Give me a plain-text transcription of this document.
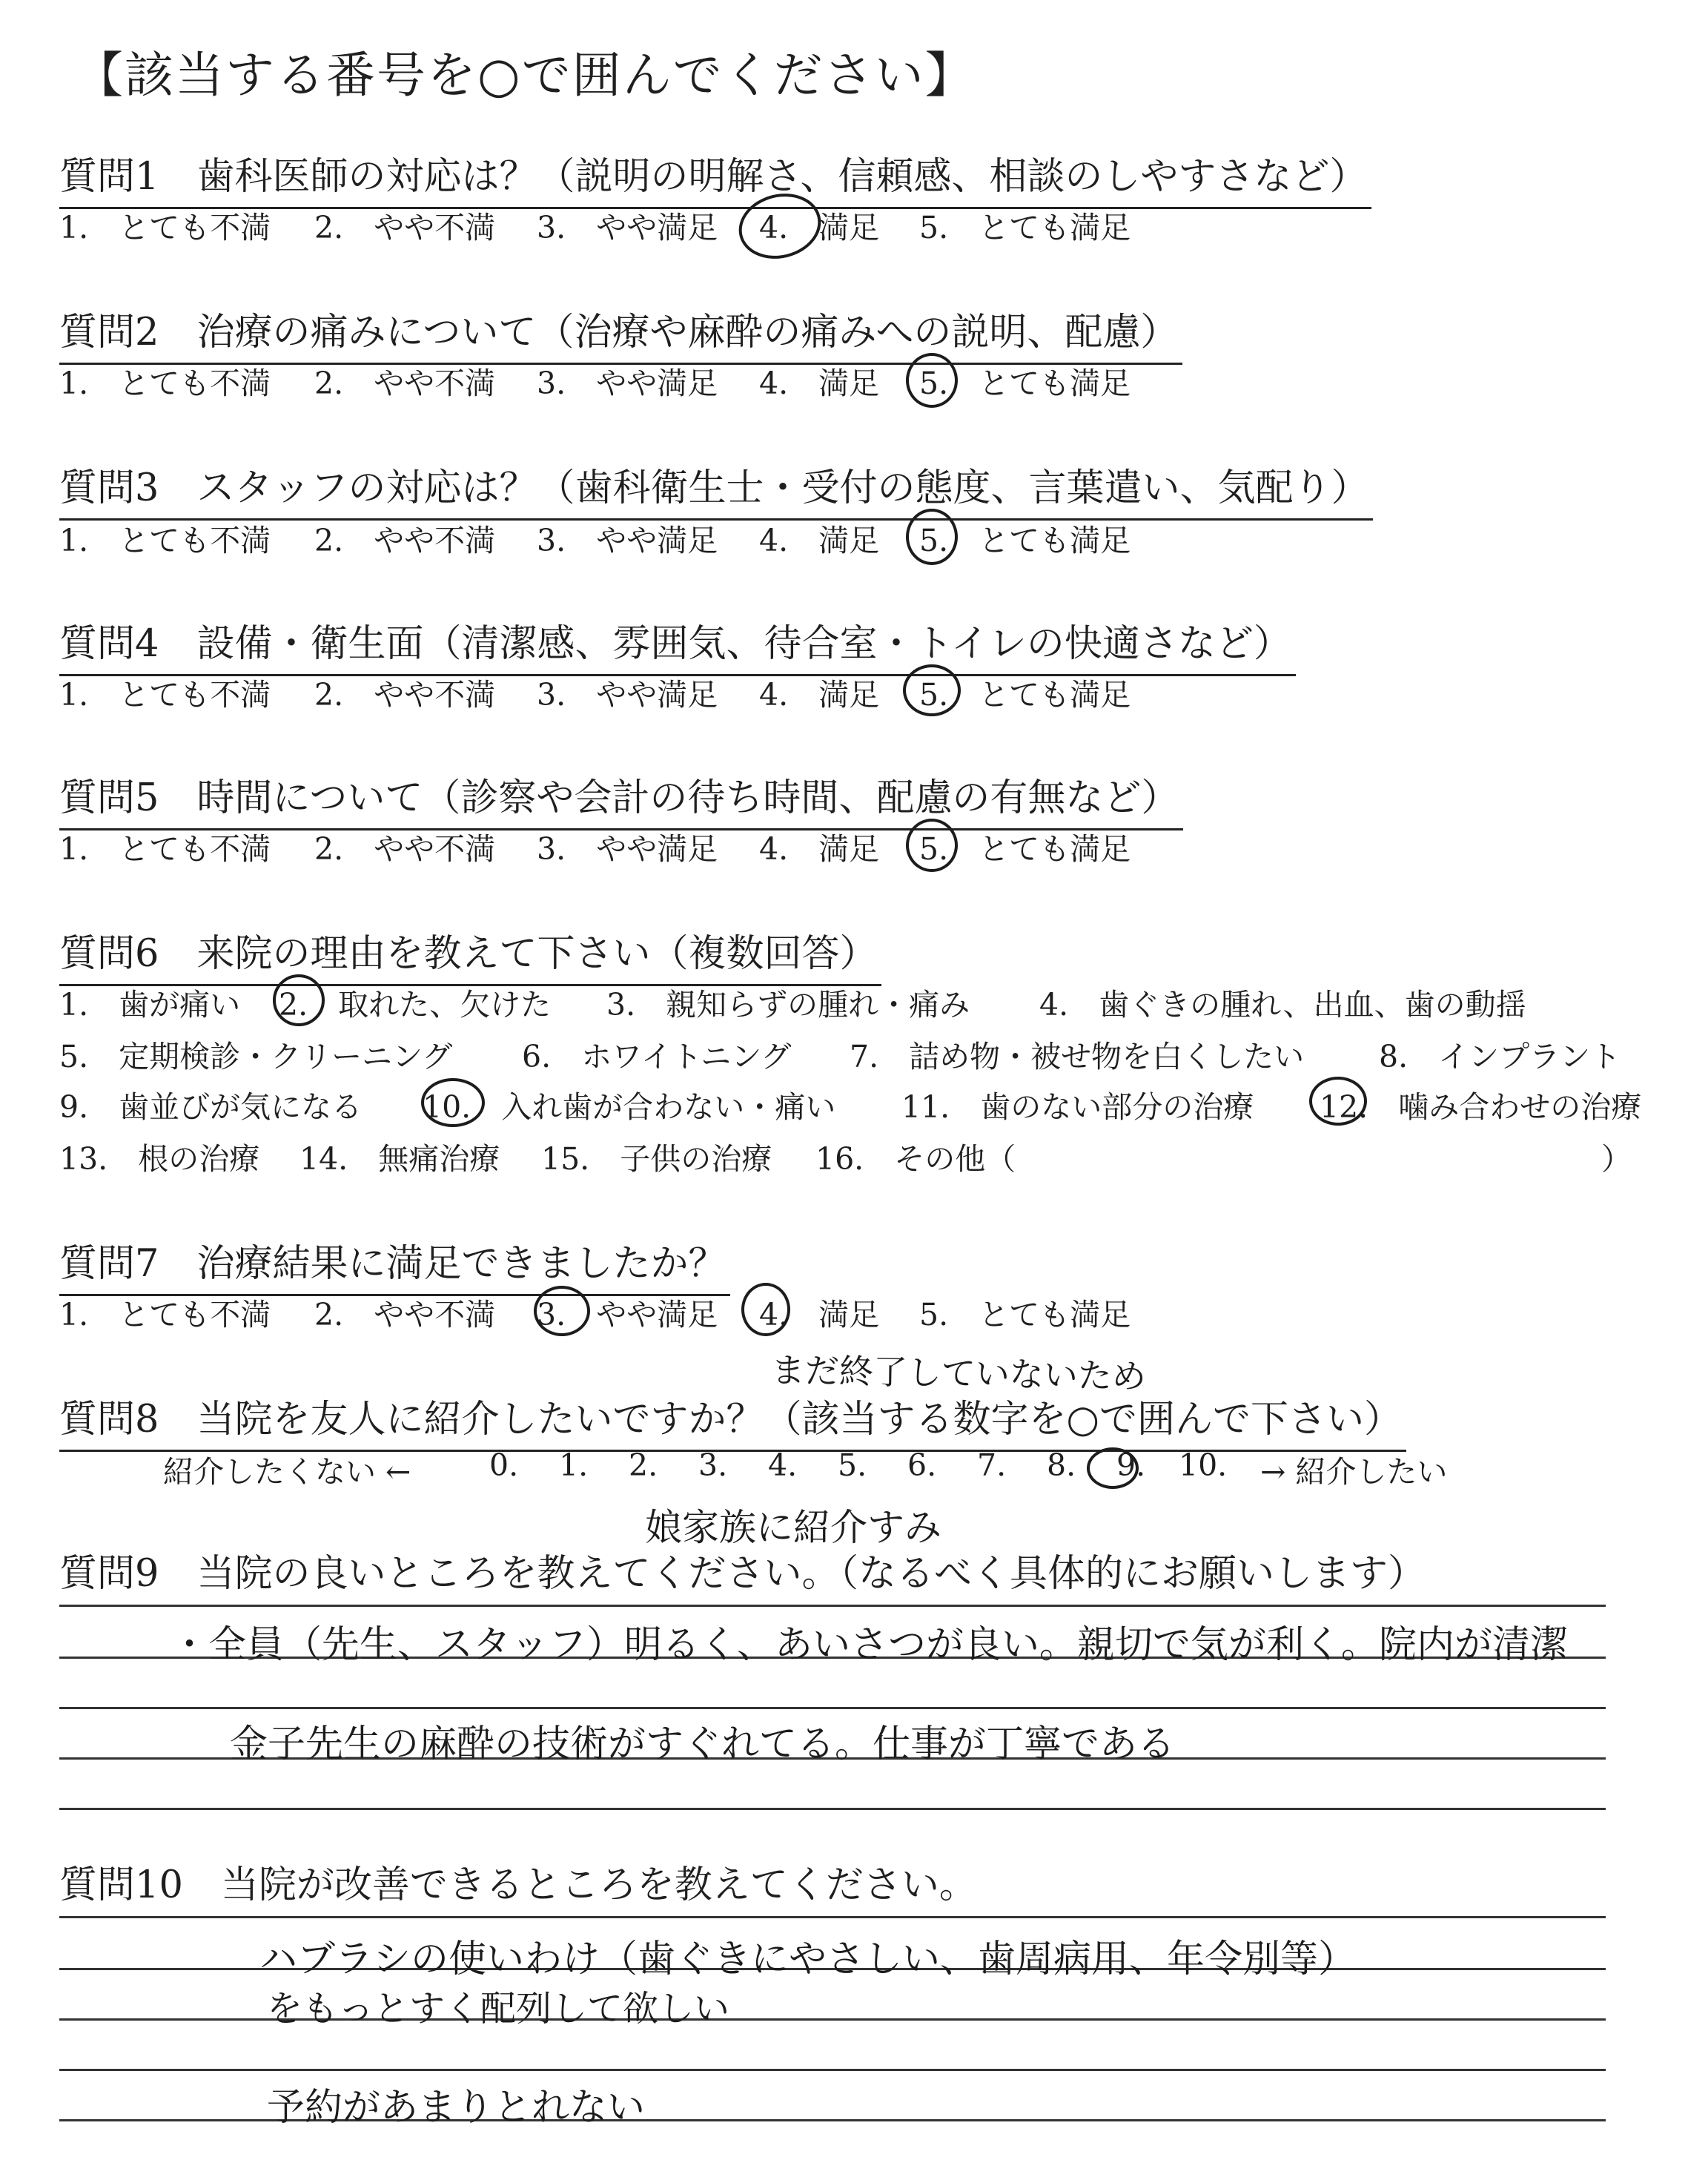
【該当する番号を○で囲んでください】
質問1　歯科医師の対応は？（説明の明解さ、信頼感、相談のしやすさなど）
1.　とても不満 2.　やや不満 3.　やや満足 4.　満足 5.　とても満足
質問2　治療の痛みについて（治療や麻酔の痛みへの説明、配慮）
1.　とても不満 2.　やや不満 3.　やや満足 4.　満足 5.　とても満足
質問3　スタッフの対応は？（歯科衛生士・受付の態度、言葉遣い、気配り）
1.　とても不満 2.　やや不満 3.　やや満足 4.　満足 5.　とても満足
質問4　設備・衛生面（清潔感、雰囲気、待合室・トイレの快適さなど）
1.　とても不満 2.　やや不満 3.　やや満足 4.　満足 5.　とても満足
質問5　時間について（診察や会計の待ち時間、配慮の有無など）
1.　とても不満 2.　やや不満 3.　やや満足 4.　満足 5.　とても満足
質問6　来院の理由を教えて下さい（複数回答）
1.　歯が痛い 2.　取れた、欠けた 3.　親知らずの腫れ・痛み 4.　歯ぐきの腫れ、出血、歯の動揺
5.　定期検診・クリーニング 6.　ホワイトニング 7.　詰め物・被せ物を白くしたい 8.　インプラント
9.　歯並びが気になる 10.　入れ歯が合わない・痛い 11.　歯のない部分の治療 12.　噛み合わせの治療
13.　根の治療 14.　無痛治療 15.　子供の治療 16.　その他（	）
質問7　治療結果に満足できましたか？
1.　とても不満 2.　やや不満 3.　やや満足 4.　満足 5.　とても満足
まだ終了していないため
質問8　当院を友人に紹介したいですか？（該当する数字を○で囲んで下さい）
紹介したくない ←	0. 1. 2. 3. 4. 5. 6. 7. 8. 9. 10. → 紹介したい
娘家族に紹介すみ
質問9　当院の良いところを教えてください。（なるべく具体的にお願いします）
・全員（先生、スタッフ）明るく、あいさつが良い。親切で気が利く。院内が清潔
金子先生の麻酔の技術がすぐれてる。仕事が丁寧である
質問10　当院が改善できるところを教えてください。
ハブラシの使いわけ（歯ぐきにやさしい、歯周病用、年令別等）
をもっとすく配列して欲しい
予約があまりとれない
